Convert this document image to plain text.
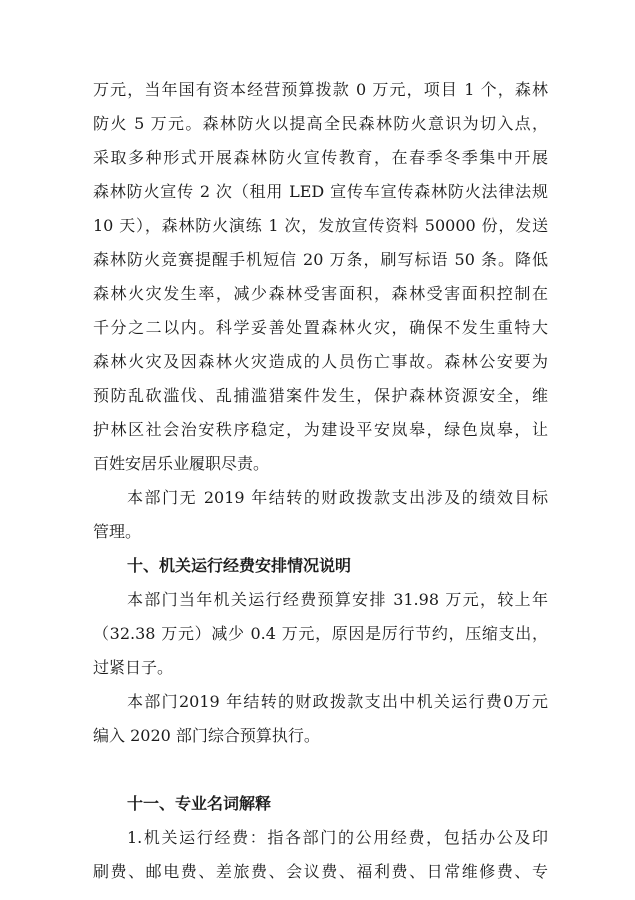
万元，当年国有资本经营预算拨款 0 万元，项目 1 个，森林
防火 5 万元。森林防火以提高全民森林防火意识为切入点，
采取多种形式开展森林防火宣传教育，在春季冬季集中开展
森林防火宣传 2 次（租用 LED 宣传车宣传森林防火法律法规
10 天），森林防火演练 1 次，发放宣传资料 50000 份，发送
森林防火竞赛提醒手机短信 20 万条，刷写标语 50 条。降低
森林火灾发生率，减少森林受害面积，森林受害面积控制在
千分之二以内。科学妥善处置森林火灾，确保不发生重特大
森林火灾及因森林火灾造成的人员伤亡事故。森林公安要为
预防乱砍滥伐、乱捕滥猎案件发生，保护森林资源安全，维
护林区社会治安秩序稳定，为建设平安岚皋，绿色岚皋，让
百姓安居乐业履职尽责。
本部门无 2019 年结转的财政拨款支出涉及的绩效目标
管理。
十、机关运行经费安排情况说明
本部门当年机关运行经费预算安排 31.98 万元，较上年
（32.38 万元）减少 0.4 万元，原因是厉行节约，压缩支出，
过紧日子。
本部门2019 年结转的财政拨款支出中机关运行费0万元
编入 2020 部门综合预算执行。
十一、专业名词解释
1.机关运行经费：指各部门的公用经费，包括办公及印
刷费、邮电费、差旅费、会议费、福利费、日常维修费、专
